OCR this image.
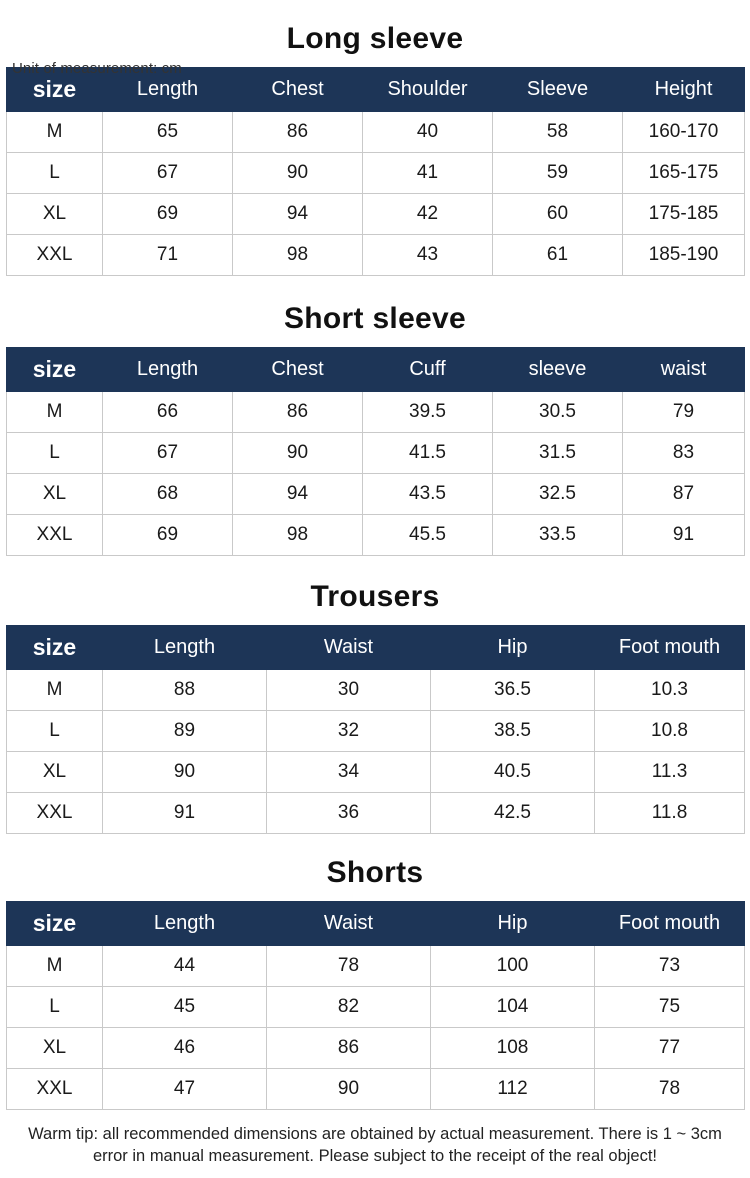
Unit of measurement: cm
Long sleeve
size	Length	Chest	Shoulder	Sleeve	Height
M	65	86	40	58	160-170
L	67	90	41	59	165-175
XL	69	94	42	60	175-185
XXL	71	98	43	61	185-190
Short sleeve
size	Length	Chest	Cuff	sleeve	waist
M	66	86	39.5	30.5	79
L	67	90	41.5	31.5	83
XL	68	94	43.5	32.5	87
XXL	69	98	45.5	33.5	91
Trousers
size	Length	Waist	Hip	Foot mouth
M	88	30	36.5	10.3
L	89	32	38.5	10.8
XL	90	34	40.5	11.3
XXL	91	36	42.5	11.8
Shorts
size	Length	Waist	Hip	Foot mouth
M	44	78	100	73
L	45	82	104	75
XL	46	86	108	77
XXL	47	90	112	78
Warm tip: all recommended dimensions are obtained by actual measurement. There is 1 ~ 3cm error in manual measurement. Please subject to the receipt of the real object!
